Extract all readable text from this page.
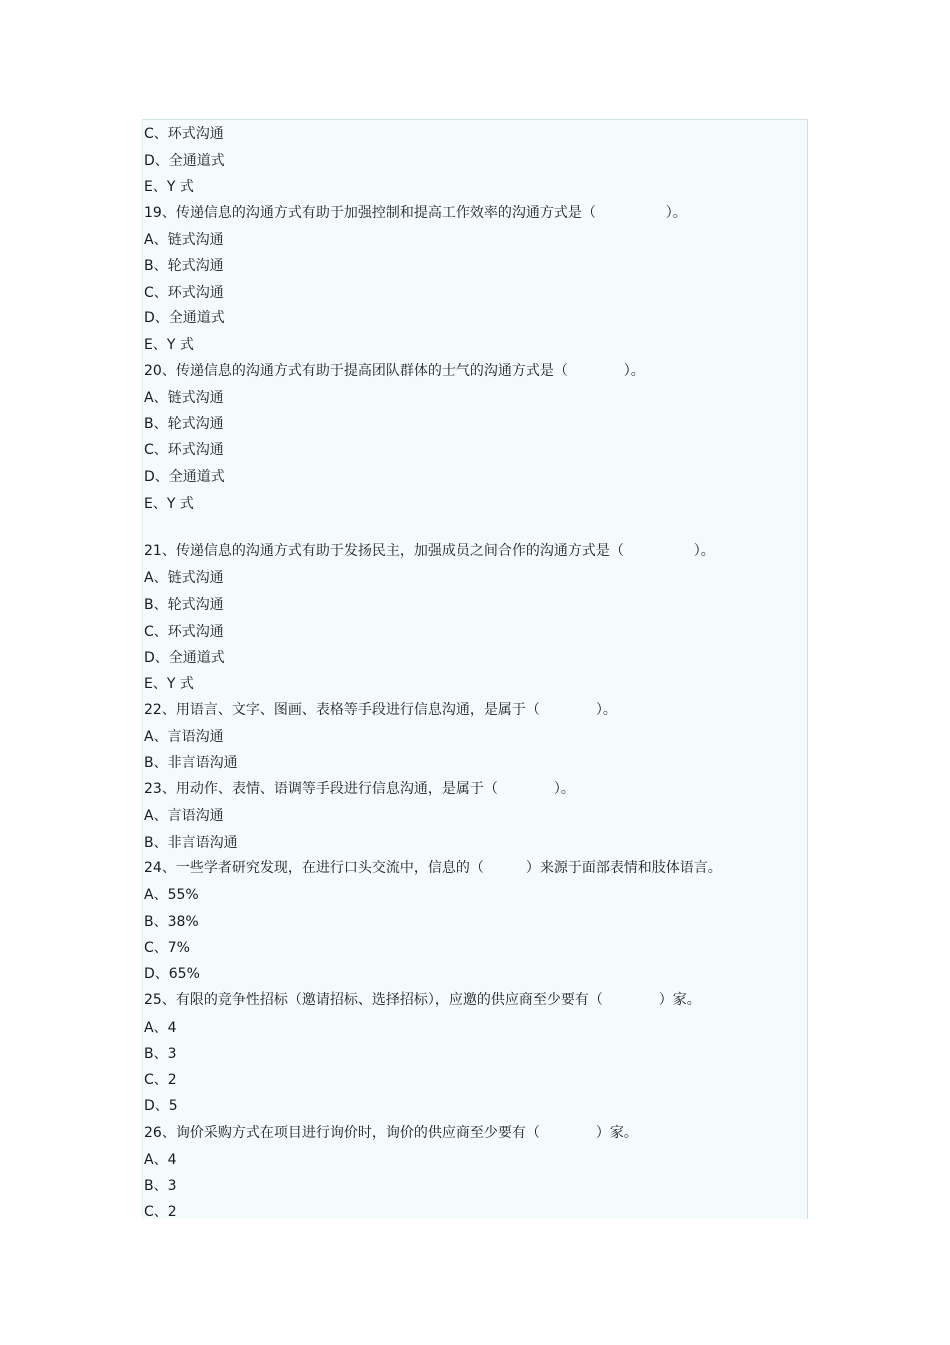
C、环式沟通
D、全通道式
E、Y 式
19、传递信息的沟通方式有助于加强控制和提高工作效率的沟通方式是（　　　　　）。
A、链式沟通
B、轮式沟通
C、环式沟通
D、全通道式
E、Y 式
20、传递信息的沟通方式有助于提高团队群体的士气的沟通方式是（　　　　）。
A、链式沟通
B、轮式沟通
C、环式沟通
D、全通道式
E、Y 式
21、传递信息的沟通方式有助于发扬民主，加强成员之间合作的沟通方式是（　　　　　）。
A、链式沟通
B、轮式沟通
C、环式沟通
D、全通道式
E、Y 式
22、用语言、文字、图画、表格等手段进行信息沟通，是属于（　　　　）。
A、言语沟通
B、非言语沟通
23、用动作、表情、语调等手段进行信息沟通，是属于（　　　　）。
A、言语沟通
B、非言语沟通
24、一些学者研究发现，在进行口头交流中，信息的（　　　）来源于面部表情和肢体语言。
A、55%
B、38%
C、7%
D、65%
25、有限的竞争性招标（邀请招标、选择招标），应邀的供应商至少要有（　　　　）家。
A、4
B、3
C、2
D、5
26、询价采购方式在项目进行询价时，询价的供应商至少要有（　　　　）家。
A、4
B、3
C、2
